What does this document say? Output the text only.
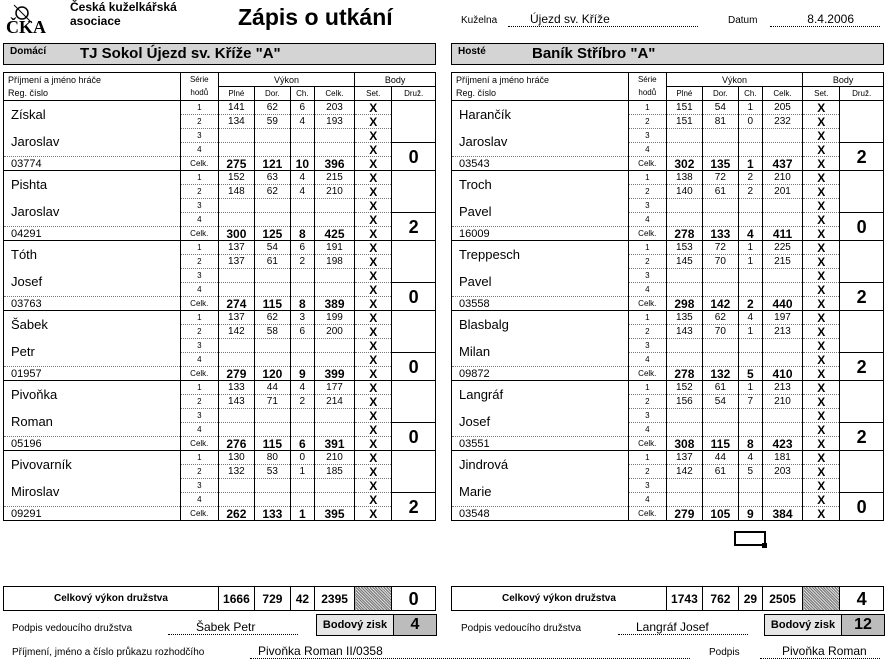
ČKA
Česká kuželkářská
asociace	Zápis o utkání	Kuželna	Újezd sv. Kříže	Datum	8.4.2006
Domácí TJ Sokol Újezd sv. Kříže "A"	Hosté	Baník Stříbro "A"
Příjmení a jméno hráče	Série	Výkon				Body	
Reg. číslo	hodů	Plné	Dor.	Ch.	Celk.	Set.	Druž.
Získal	1	141	62	6	203	X	
	2	134	59	4	193	X	
Jaroslav	3					X	
	4					X	0
03774	Celk.	275	121	10	396	X	
Pishta	1	152	63	4	215	X	
	2	148	62	4	210	X	
Jaroslav	3					X	
	4					X	2
04291	Celk.	300	125	8	425	X	
Tóth	1	137	54	6	191	X	
	2	137	61	2	198	X	
Josef	3					X	
	4					X	0
03763	Celk.	274	115	8	389	X	
Šabek	1	137	62	3	199	X	
	2	142	58	6	200	X	
Petr	3					X	
	4					X	0
01957	Celk.	279	120	9	399	X	
Pivoňka	1	133	44	4	177	X	
	2	143	71	2	214	X	
Roman	3					X	
	4					X	0
05196	Celk.	276	115	6	391	X	
Pivovarník	1	130	80	0	210	X	
	2	132	53	1	185	X	
Miroslav	3					X	
	4					X	2
09291	Celk.	262	133	1	395	X	
Příjmení a jméno hráče	Série	Výkon				Body	
Reg. číslo	hodů	Plné	Dor.	Ch.	Celk.	Set.	Druž.
Harančík	1	151	54	1	205	X	
	2	151	81	0	232	X	
Jaroslav	3					X	
	4					X	2
03543	Celk.	302	135	1	437	X	
Troch	1	138	72	2	210	X	
	2	140	61	2	201	X	
Pavel	3					X	
	4					X	0
16009	Celk.	278	133	4	411	X	
Treppesch	1	153	72	1	225	X	
	2	145	70	1	215	X	
Pavel	3					X	
	4					X	2
03558	Celk.	298	142	2	440	X	
Blasbalg	1	135	62	4	197	X	
	2	143	70	1	213	X	
Milan	3					X	
	4					X	2
09872	Celk.	278	132	5	410	X	
Langráf	1	152	61	1	213	X	
	2	156	54	7	210	X	
Josef	3					X	
	4					X	2
03551	Celk.	308	115	8	423	X	
Jindrová	1	137	44	4	181	X	
	2	142	61	5	203	X	
Marie	3					X	
	4					X	0
03548	Celk.	279	105	9	384	X	
Celkový výkon družstva	1666	729	42	2395		0	Celkový výkon družstva	1743	762	29	2505		4
Podpis vedoucího družstva	Šabek Petr	Bodový zisk	4	Podpis vedoucího družstva	Langráf Josef	Bodový zisk	12
Příjmení, jméno a číslo průkazu rozhodčího	Pivoňka Roman II/0358	Podpis	Pivoňka Roman
